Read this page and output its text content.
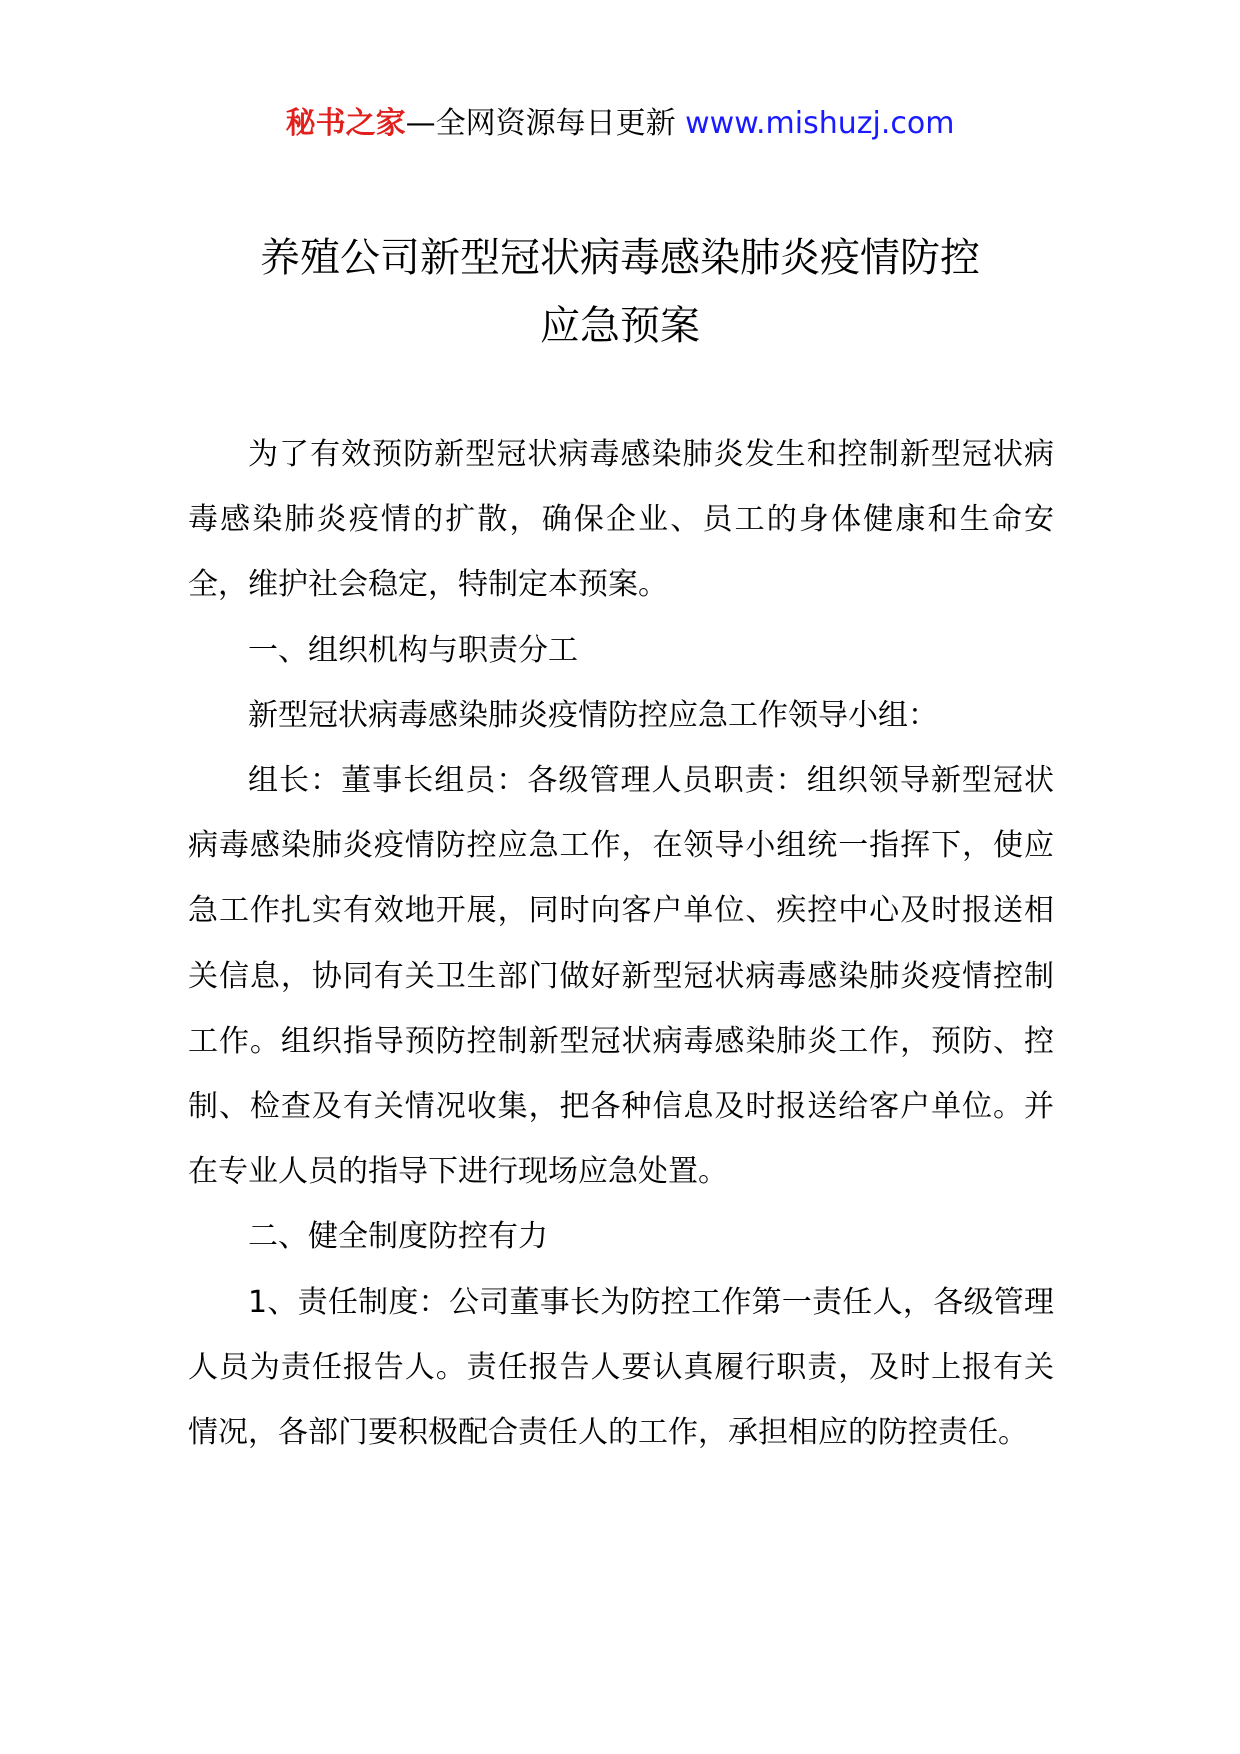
秘书之家—全网资源每日更新 www.mishuzj.com
养殖公司新型冠状病毒感染肺炎疫情防控
应急预案

为了有效预防新型冠状病毒感染肺炎发生和控制新型冠状病毒感染肺炎疫情的扩散，确保企业、员工的身体健康和生命安全，维护社会稳定，特制定本预案。

一、组织机构与职责分工

新型冠状病毒感染肺炎疫情防控应急工作领导小组：

组长：董事长组员：各级管理人员职责：组织领导新型冠状病毒感染肺炎疫情防控应急工作，在领导小组统一指挥下，使应急工作扎实有效地开展，同时向客户单位、疾控中心及时报送相关信息，协同有关卫生部门做好新型冠状病毒感染肺炎疫情控制工作。组织指导预防控制新型冠状病毒感染肺炎工作，预防、控制、检查及有关情况收集，把各种信息及时报送给客户单位。并在专业人员的指导下进行现场应急处置。

二、健全制度防控有力

1、责任制度：公司董事长为防控工作第一责任人，各级管理人员为责任报告人。责任报告人要认真履行职责，及时上报有关情况，各部门要积极配合责任人的工作，承担相应的防控责任。
